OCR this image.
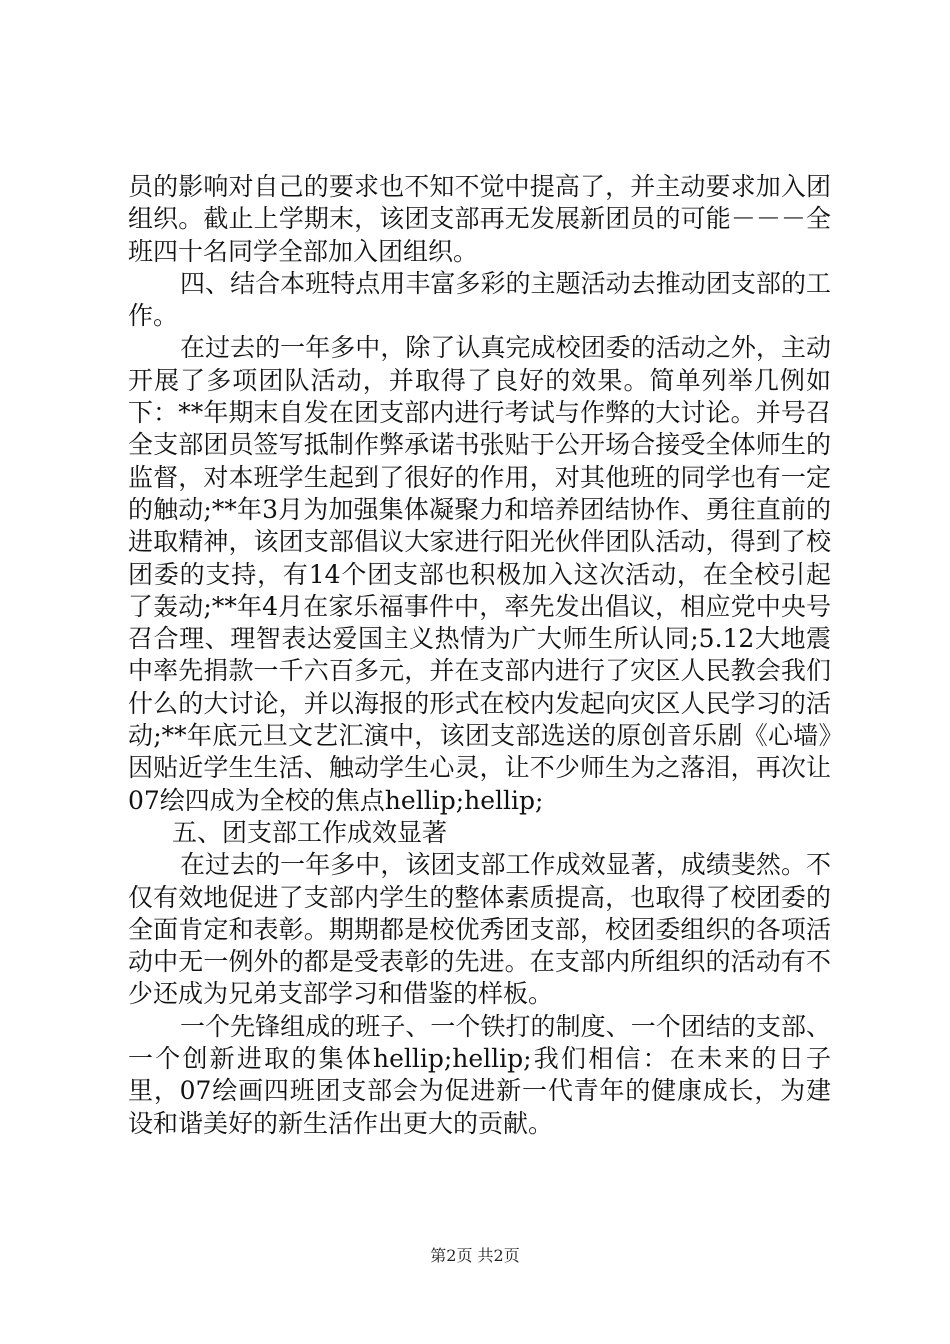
员的影响对自己的要求也不知不觉中提高了，并主动要求加入团组织。截止上学期末，该团支部再无发展新团员的可能－－－全班四十名同学全部加入团组织。

四、结合本班特点用丰富多彩的主题活动去推动团支部的工作。

在过去的一年多中，除了认真完成校团委的活动之外，主动开展了多项团队活动，并取得了良好的效果。简单列举几例如下：**年期末自发在团支部内进行考试与作弊的大讨论。并号召全支部团员签写抵制作弊承诺书张贴于公开场合接受全体师生的监督，对本班学生起到了很好的作用，对其他班的同学也有一定的触动;**年3月为加强集体凝聚力和培养团结协作、勇往直前的进取精神，该团支部倡议大家进行阳光伙伴团队活动，得到了校团委的支持，有14个团支部也积极加入这次活动，在全校引起了轰动;**年4月在家乐福事件中，率先发出倡议，相应党中央号召合理、理智表达爱国主义热情为广大师生所认同;5.12大地震中率先捐款一千六百多元，并在支部内进行了灾区人民教会我们什么的大讨论，并以海报的形式在校内发起向灾区人民学习的活动;**年底元旦文艺汇演中，该团支部选送的原创音乐剧《心墙》因贴近学生生活、触动学生心灵，让不少师生为之落泪，再次让07绘四成为全校的焦点hellip;hellip;

五、团支部工作成效显著

在过去的一年多中，该团支部工作成效显著，成绩斐然。不仅有效地促进了支部内学生的整体素质提高，也取得了校团委的全面肯定和表彰。期期都是校优秀团支部，校团委组织的各项活动中无一例外的都是受表彰的先进。在支部内所组织的活动有不少还成为兄弟支部学习和借鉴的样板。

一个先锋组成的班子、一个铁打的制度、一个团结的支部、一个创新进取的集体hellip;hellip;我们相信：在未来的日子里，07绘画四班团支部会为促进新一代青年的健康成长，为建设和谐美好的新生活作出更大的贡献。

第2页 共2页
